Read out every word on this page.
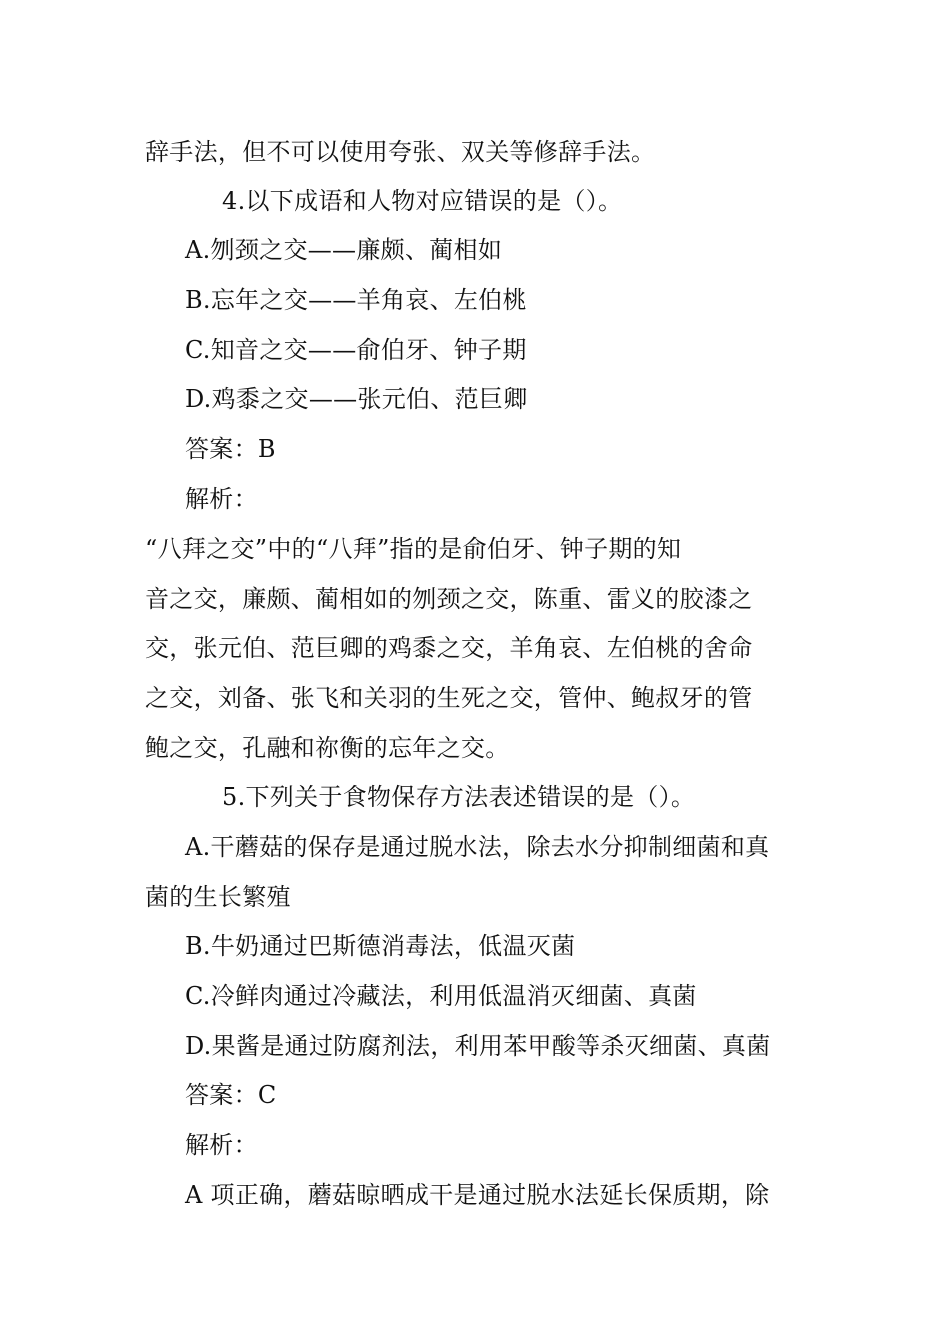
辞手法，但不可以使用夸张、双关等修辞手法。
4.以下成语和人物对应错误的是（）。
A.刎颈之交——廉颇、蔺相如
B.忘年之交——羊角哀、左伯桃
C.知音之交——俞伯牙、钟子期
D.鸡黍之交——张元伯、范巨卿
答案：B
解析：
“八拜之交”中的“八拜”指的是俞伯牙、钟子期的知
音之交，廉颇、蔺相如的刎颈之交，陈重、雷义的胶漆之
交，张元伯、范巨卿的鸡黍之交，羊角哀、左伯桃的舍命
之交，刘备、张飞和关羽的生死之交，管仲、鲍叔牙的管
鲍之交，孔融和祢衡的忘年之交。
5.下列关于食物保存方法表述错误的是（）。
A.干蘑菇的保存是通过脱水法，除去水分抑制细菌和真
菌的生长繁殖
B.牛奶通过巴斯德消毒法，低温灭菌
C.冷鲜肉通过冷藏法，利用低温消灭细菌、真菌
D.果酱是通过防腐剂法，利用苯甲酸等杀灭细菌、真菌
答案：C
解析：
A 项正确，蘑菇晾晒成干是通过脱水法延长保质期，除
